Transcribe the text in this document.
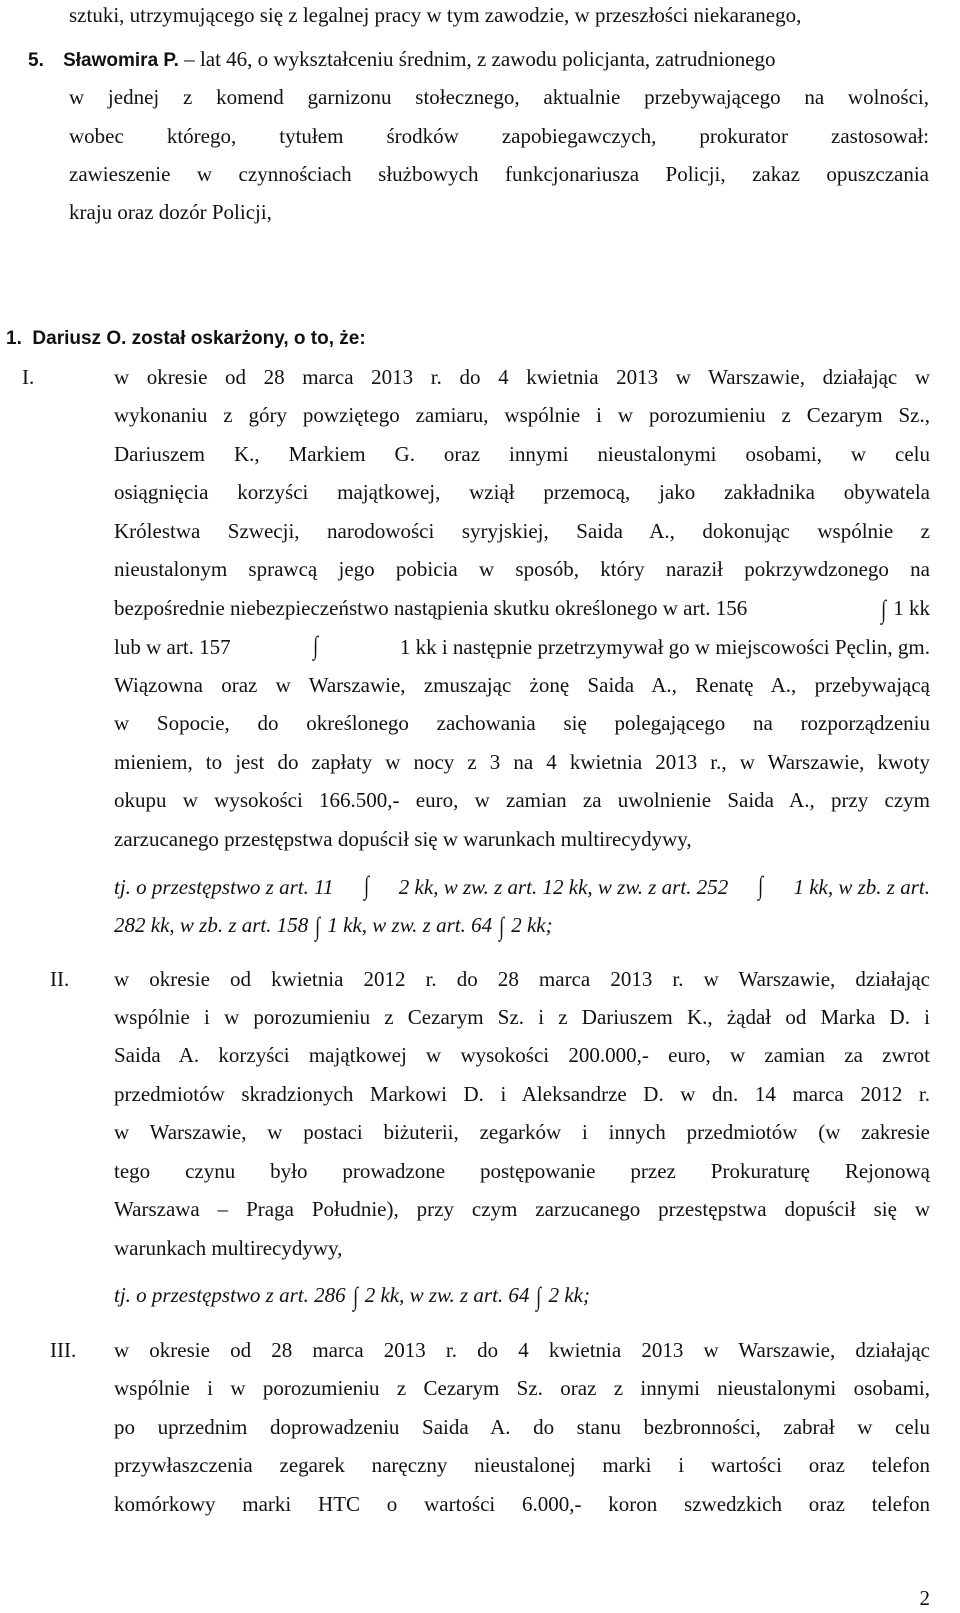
sztuki, utrzymującego się z legalnej pracy w tym zawodzie, w przeszłości niekaranego,
5. Sławomira P. – lat 46, o wykształceniu średnim, z zawodu policjanta, zatrudnionego
w jednej z komend garnizonu stołecznego, aktualnie przebywającego na wolności,
wobec którego, tytułem środków zapobiegawczych, prokurator zastosował:
zawieszenie w czynnościach służbowych funkcjonariusza Policji, zakaz opuszczania
kraju oraz dozór Policji,
1.  Dariusz O. został oskarżony, o to, że:
I.	w okresie od 28 marca 2013 r. do 4 kwietnia 2013 w Warszawie, działając w
wykonaniu z góry powziętego zamiaru, wspólnie i w porozumieniu z Cezarym Sz.,
Dariuszem K., Markiem G. oraz innymi nieustalonymi osobami, w celu
osiągnięcia korzyści majątkowej, wziął przemocą, jako zakładnika obywatela
Królestwa Szwecji, narodowości syryjskiej, Saida A., dokonując wspólnie z
nieustalonym sprawcą jego pobicia w sposób, który naraził pokrzywdzonego na
bezpośrednie niebezpieczeństwo nastąpienia skutku określonego w art. 156	∫ 1 kk
lub w art. 157	∫	1 kk i następnie przetrzymywał go w miejscowości Pęclin, gm.
Wiązowna oraz w Warszawie, zmuszając żonę Saida A., Renatę A., przebywającą
w Sopocie, do określonego zachowania się polegającego na rozporządzeniu
mieniem, to jest do zapłaty w nocy z 3 na 4 kwietnia 2013 r., w Warszawie, kwoty
okupu w wysokości 166.500,- euro, w zamian za uwolnienie Saida A., przy czym
zarzucanego przestępstwa dopuścił się w warunkach multirecydywy,
tj. o przestępstwo z art. 11 ∫ 2 kk, w zw. z art. 12 kk, w zw. z art. 252 ∫ 1 kk, w zb. z art.
282 kk, w zb. z art. 158 ∫ 1 kk, w zw. z art. 64 ∫ 2 kk;
II. w okresie od kwietnia 2012 r. do 28 marca 2013 r. w Warszawie, działając
wspólnie i w porozumieniu z Cezarym Sz. i z Dariuszem K., żądał od Marka D. i
Saida A. korzyści majątkowej w wysokości 200.000,- euro, w zamian za zwrot
przedmiotów skradzionych Markowi D. i Aleksandrze D. w dn. 14 marca 2012 r.
w Warszawie, w postaci biżuterii, zegarków i innych przedmiotów (w zakresie
tego czynu było prowadzone postępowanie przez Prokuraturę Rejonową
Warszawa – Praga Południe), przy czym zarzucanego przestępstwa dopuścił się w
warunkach multirecydywy,
tj. o przestępstwo z art. 286 ∫ 2 kk, w zw. z art. 64 ∫ 2 kk;
III. w okresie od 28 marca 2013 r. do 4 kwietnia 2013 w Warszawie, działając
wspólnie i w porozumieniu z Cezarym Sz. oraz z innymi nieustalonymi osobami,
po uprzednim doprowadzeniu Saida A. do stanu bezbronności, zabrał w celu
przywłaszczenia zegarek naręczny nieustalonej marki i wartości oraz telefon
komórkowy marki HTC o wartości 6.000,- koron szwedzkich oraz telefon
2
